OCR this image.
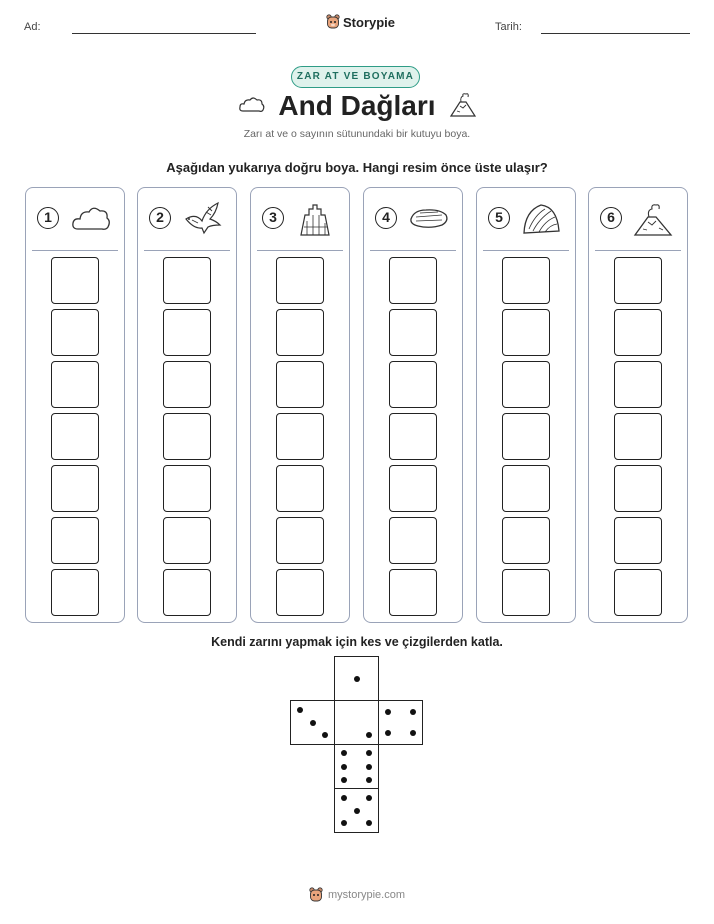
Ad:	Storypie	Tarih:
ZAR AT VE BOYAMA
And Dağları
Zarı at ve o sayının sütunundaki bir kutuyu boya.
Aşağıdan yukarıya doğru boya. Hangi resim önce üste ulaşır?
1	2	3	4	5	6
Kendi zarını yapmak için kes ve çizgilerden katla.
mystorypie.com
